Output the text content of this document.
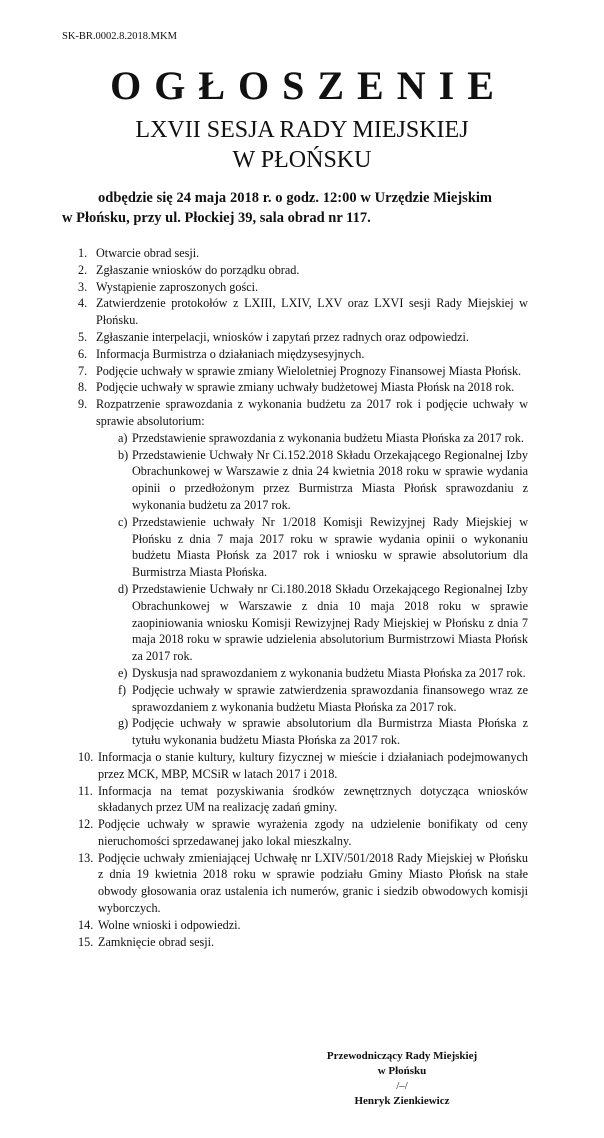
SK-BR.0002.8.2018.MKM
OGŁOSZENIE
LXVII SESJA RADY MIEJSKIEJ
W PŁOŃSKU
odbędzie się 24 maja 2018 r. o godz. 12:00 w Urzędzie Miejskim w Płońsku, przy ul. Płockiej 39, sala obrad nr 117.
1. Otwarcie obrad sesji.
2. Zgłaszanie wniosków do porządku obrad.
3. Wystąpienie zaproszonych gości.
4. Zatwierdzenie protokołów z LXIII, LXIV, LXV oraz LXVI sesji Rady Miejskiej w Płońsku.
5. Zgłaszanie interpelacji, wniosków i zapytań przez radnych oraz odpowiedzi.
6. Informacja Burmistrza o działaniach międzysesyjnych.
7. Podjęcie uchwały w sprawie zmiany Wieloletniej Prognozy Finansowej Miasta Płońsk.
8. Podjęcie uchwały w sprawie zmiany uchwały budżetowej Miasta Płońsk na 2018 rok.
9. Rozpatrzenie sprawozdania z wykonania budżetu za 2017 rok i podjęcie uchwały w sprawie absolutorium:
a) Przedstawienie sprawozdania z wykonania budżetu Miasta Płońska za 2017 rok.
b) Przedstawienie Uchwały Nr Ci.152.2018 Składu Orzekającego Regionalnej Izby Obrachunkowej w Warszawie z dnia 24 kwietnia 2018 roku w sprawie wydania opinii o przedłożonym przez Burmistrza Miasta Płońsk sprawozdaniu z wykonania budżetu za 2017 rok.
c) Przedstawienie uchwały Nr 1/2018 Komisji Rewizyjnej Rady Miejskiej w Płońsku z dnia 7 maja 2017 roku w sprawie wydania opinii o wykonaniu budżetu Miasta Płońsk za 2017 rok i wniosku w sprawie absolutorium dla Burmistrza Miasta Płońska.
d) Przedstawienie Uchwały nr Ci.180.2018 Składu Orzekającego Regionalnej Izby Obrachunkowej w Warszawie z dnia 10 maja 2018 roku w sprawie zaopiniowania wniosku Komisji Rewizyjnej Rady Miejskiej w Płońsku z dnia 7 maja 2018 roku w sprawie udzielenia absolutorium Burmistrzowi Miasta Płońsk za 2017 rok.
e) Dyskusja nad sprawozdaniem z wykonania budżetu Miasta Płońska za 2017 rok.
f) Podjęcie uchwały w sprawie zatwierdzenia sprawozdania finansowego wraz ze sprawozdaniem z wykonania budżetu Miasta Płońska za 2017 rok.
g) Podjęcie uchwały w sprawie absolutorium dla Burmistrza Miasta Płońska z tytułu wykonania budżetu Miasta Płońska za 2017 rok.
10. Informacja o stanie kultury, kultury fizycznej w mieście i działaniach podejmowanych przez MCK, MBP, MCSiR w latach 2017 i 2018.
11. Informacja na temat pozyskiwania środków zewnętrznych dotycząca wniosków składanych przez UM na realizację zadań gminy.
12. Podjęcie uchwały w sprawie wyrażenia zgody na udzielenie bonifikaty od ceny nieruchomości sprzedawanej jako lokal mieszkalny.
13. Podjęcie uchwały zmieniającej Uchwałę nr LXIV/501/2018 Rady Miejskiej w Płońsku z dnia 19 kwietnia 2018 roku w sprawie podziału Gminy Miasto Płońsk na stałe obwody głosowania oraz ustalenia ich numerów, granic i siedzib obwodowych komisji wyborczych.
14. Wolne wnioski i odpowiedzi.
15. Zamknięcie obrad sesji.
Przewodniczący Rady Miejskiej
w Płońsku
/–/
Henryk Zienkiewicz
